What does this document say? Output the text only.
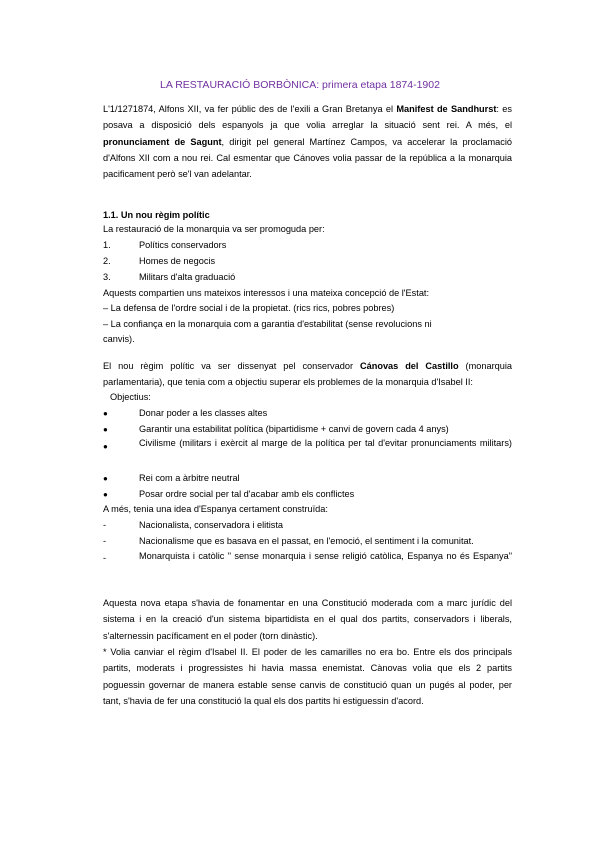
LA RESTAURACIÓ BORBÒNICA: primera etapa 1874-1902

L'1/1271874, Alfons XII, va fer públic des de l'exili a Gran Bretanya el Manifest de Sandhurst: es posava a disposició dels espanyols ja que volia arreglar la situació sent rei. A més, el pronunciament de Sagunt, dirigit pel general Martínez Campos, va accelerar la proclamació d'Alfons XII com a nou rei. Cal esmentar que Cánoves volia passar de la república a la monarquia pacificament però se'l van adelantar.

1.1. Un nou règim polític
La restauració de la monarquia va ser promoguda per:
1.	Polítics conservadors
2.	Homes de negocis
3.	Militars d'alta graduació
Aquests compartien uns mateixos interessos i una mateixa concepció de l'Estat:
– La defensa de l'ordre social i de la propietat. (rics rics, pobres pobres)
– La confiança en la monarquia com a garantia d'estabilitat (sense revolucions ni
canvis).

El nou règim polític va ser dissenyat pel conservador Cánovas del Castillo (monarquia parlamentaria), que tenia com a objectiu superar els problemes de la monarquia d'Isabel II:

Objectius:
●	Donar poder a les classes altes
●	Garantir una estabilitat política (bipartidisme + canvi de govern cada 4 anys)
●	Civilisme (militars i exèrcit al marge de la política per tal d'evitar pronunciaments militars)

●	Rei com a àrbitre neutral
●	Posar ordre social per tal d'acabar amb els conflictes
A més, tenia una idea d'Espanya certament construïda:
-	Nacionalista, conservadora i elitista
-	Nacionalisme que es basava en el passat, en l'emoció, el sentiment i la comunitat.
-	Monarquista i catòlic " sense monarquia i sense religió catòlica, Espanya no és Espanya"

Aquesta nova etapa s'havia de fonamentar en una Constitució moderada com a marc jurídic del sistema i en la creació d'un sistema bipartidista en el qual dos partits, conservadors i liberals, s'alternessin pacíficament en el poder (torn dinàstic).

* Volia canviar el règim d'Isabel II. El poder de les camarilles no era bo. Entre els dos principals partits, moderats i progressistes hi havia massa enemistat. Cànovas volia que els 2 partits poguessin governar de manera estable sense canvis de constitució quan un pugés al poder, per tant, s'havia de fer una constitució la qual els dos partits hi estiguessin d'acord.
